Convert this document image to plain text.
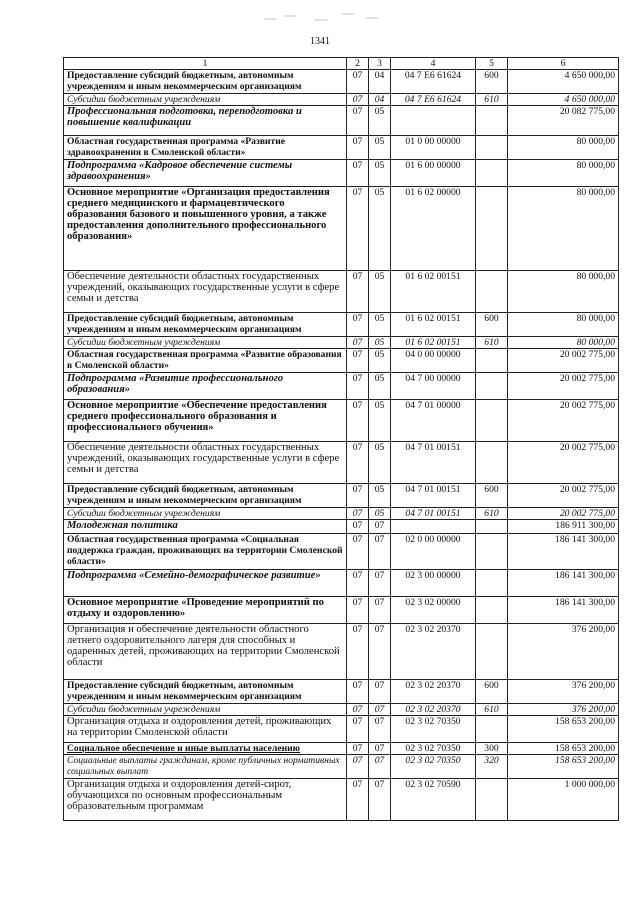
1341
1	2	3	4	5	6
Предоставление субсидий бюджетным, автономным учреждениям и иным некоммерческим организациям	07	04	04 7 Е6 61624	600	4 650 000,00
Субсидии бюджетным учреждениям	07	04	04 7 Е6 61624	610	4 650 000,00
Профессиональная подготовка, переподготовка и повышение квалификации	07	05			20 082 775,00
Областная государственная программа «Развитие здравоохранения в Смоленской области»	07	05	01 0 00 00000		80 000,00
Подпрограмма «Кадровое обеспечение системы здравоохранения»	07	05	01 6 00 00000		80 000,00
Основное мероприятие «Организация предоставления среднего медицинского и фармацевтического образования базового и повышенного уровня, а также предоставления дополнительного профессионального образования»	07	05	01 6 02 00000		80 000,00
Обеспечение деятельности областных государственных учреждений, оказывающих государственные услуги в сфере семьи и детства	07	05	01 6 02 00151		80 000,00
Предоставление субсидий бюджетным, автономным учреждениям и иным некоммерческим организациям	07	05	01 6 02 00151	600	80 000,00
Субсидии бюджетным учреждениям	07	05	01 6 02 00151	610	80 000,00
Областная государственная программа «Развитие образования в Смоленской области»	07	05	04 0 00 00000		20 002 775,00
Подпрограмма «Развитие профессионального образования»	07	05	04 7 00 00000		20 002 775,00
Основное мероприятие «Обеспечение предоставления среднего профессионального образования и профессионального обучения»	07	05	04 7 01 00000		20 002 775,00
Обеспечение деятельности областных государственных учреждений, оказывающих государственные услуги в сфере семьи и детства	07	05	04 7 01 00151		20 002 775,00
Предоставление субсидий бюджетным, автономным учреждениям и иным некоммерческим организациям	07	05	04 7 01 00151	600	20 002 775,00
Субсидии бюджетным учреждениям	07	05	04 7 01 00151	610	20 002 775,00
Молодежная политика	07	07			186 911 300,00
Областная государственная программа «Социальная поддержка граждан, проживающих на территории Смоленской области»	07	07	02 0 00 00000		186 141 300,00
Подпрограмма «Семейно-демографическое развитие»	07	07	02 3 00 00000		186 141 300,00
Основное мероприятие «Проведение мероприятий по отдыху и оздоровлению»	07	07	02 3 02 00000		186 141 300,00
Организация и обеспечение деятельности областного летнего оздоровительного лагеря для способных и одаренных детей, проживающих на территории Смоленской области	07	07	02 3 02 20370		376 200,00
Предоставление субсидий бюджетным, автономным учреждениям и иным некоммерческим организациям	07	07	02 3 02 20370	600	376 200,00
Субсидии бюджетным учреждениям	07	07	02 3 02 20370	610	376 200,00
Организация отдыха и оздоровления детей, проживающих на территории Смоленской области	07	07	02 3 02 70350		158 653 200,00
Социальное обеспечение и иные выплаты населению	07	07	02 3 02 70350	300	158 653 200,00
Социальные выплаты гражданам, кроме публичных нормативных социальных выплат	07	07	02 3 02 70350	320	158 653 200,00
Организация отдыха и оздоровления детей-сирот, обучающихся по основным профессиональным образовательным программам	07	07	02 3 02 70590		1 000 000,00
